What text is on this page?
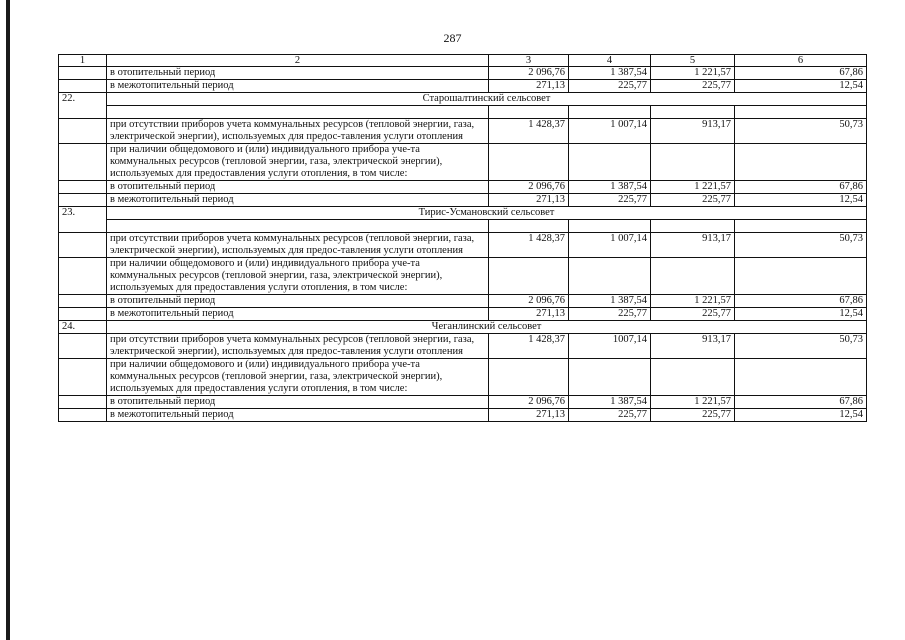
287
1	2	3	4	5	6
	в отопительный период	2 096,76	1 387,54	1 221,57	67,86
	в межотопительный период	271,13	225,77	225,77	12,54
22.	Старошалтинский сельсовет				

	при отсутствии приборов учета коммунальных ресурсов (тепловой энергии, газа, электрической энергии), используемых для предос-тавления услуги отопления	1 428,37	1 007,14	913,17	50,73
	при наличии общедомового и (или) индивидуального прибора уче-та коммунальных ресурсов (тепловой энергии, газа, электрической энергии), используемых для предоставления услуги отопления, в том числе:				
	в отопительный период	2 096,76	1 387,54	1 221,57	67,86
	в межотопительный период	271,13	225,77	225,77	12,54
23.	Тирис-Усмановский сельсовет				

	при отсутствии приборов учета коммунальных ресурсов (тепловой энергии, газа, электрической энергии), используемых для предос-тавления услуги отопления	1 428,37	1 007,14	913,17	50,73
	при наличии общедомового и (или) индивидуального прибора уче-та коммунальных ресурсов (тепловой энергии, газа, электрической энергии), используемых для предоставления услуги отопления, в том числе:				
	в отопительный период	2 096,76	1 387,54	1 221,57	67,86
	в межотопительный период	271,13	225,77	225,77	12,54
24.	Чеганлинский сельсовет				
	при отсутствии приборов учета коммунальных ресурсов (тепловой энергии, газа, электрической энергии), используемых для предос-тавления услуги отопления	1 428,37	1007,14	913,17	50,73
	при наличии общедомового и (или) индивидуального прибора уче-та коммунальных ресурсов (тепловой энергии, газа, электрической энергии), используемых для предоставления услуги отопления, в том числе:				
	в отопительный период	2 096,76	1 387,54	1 221,57	67,86
	в межотопительный период	271,13	225,77	225,77	12,54
